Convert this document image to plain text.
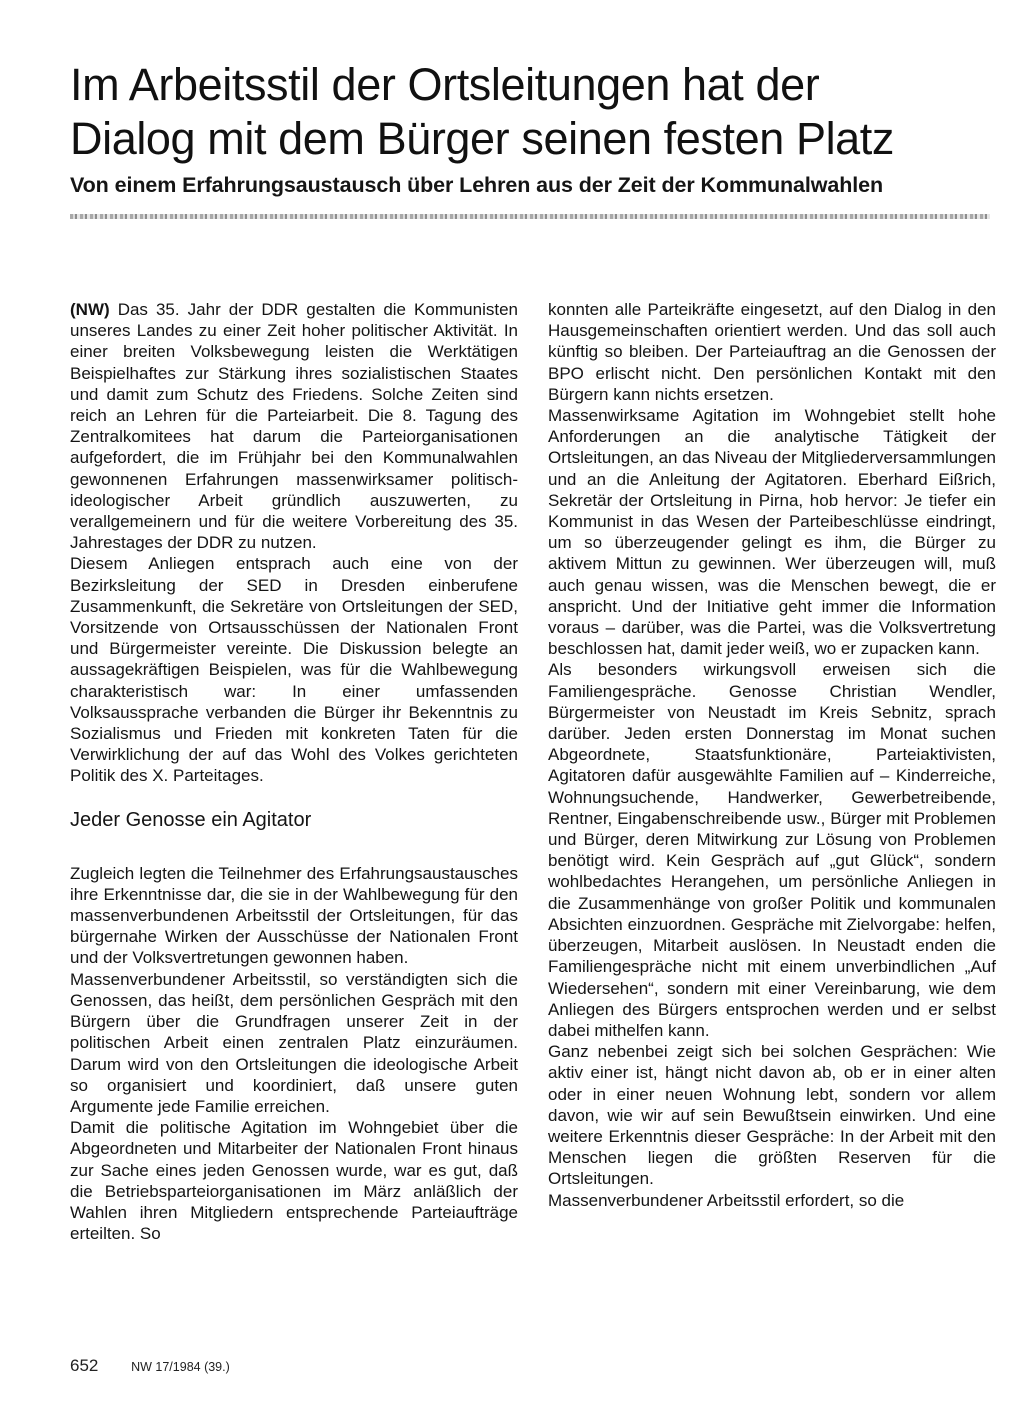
Im Arbeitsstil der Ortsleitungen hat der
Dialog mit dem Bürger seinen festen Platz
Von einem Erfahrungsaustausch über Lehren aus der Zeit der Kommunalwahlen

(NW) Das 35. Jahr der DDR gestalten die Kommunisten unseres Landes zu einer Zeit hoher politischer Aktivität. In einer breiten Volksbewegung leisten die Werktätigen Beispielhaftes zur Stärkung ihres sozialistischen Staates und damit zum Schutz des Friedens. Solche Zeiten sind reich an Lehren für die Parteiarbeit. Die 8. Tagung des Zentralkomitees hat darum die Parteiorganisationen aufgefordert, die im Frühjahr bei den Kommunalwahlen gewonnenen Erfahrungen massenwirksamer politisch-ideologischer Arbeit gründlich auszuwerten, zu verallgemeinern und für die weitere Vorbereitung des 35. Jahrestages der DDR zu nutzen.

Diesem Anliegen entsprach auch eine von der Bezirksleitung der SED in Dresden einberufene Zusammenkunft, die Sekretäre von Ortsleitungen der SED, Vorsitzende von Ortsausschüssen der Nationalen Front und Bürgermeister vereinte. Die Diskussion belegte an aussagekräftigen Beispielen, was für die Wahlbewegung charakteristisch war: In einer umfassenden Volksaussprache verbanden die Bürger ihr Bekenntnis zu Sozialismus und Frieden mit konkreten Taten für die Verwirklichung der auf das Wohl des Volkes gerichteten Politik des X. Parteitages.

Jeder Genosse ein Agitator

Zugleich legten die Teilnehmer des Erfahrungsaustausches ihre Erkenntnisse dar, die sie in der Wahlbewegung für den massenverbundenen Arbeitsstil der Ortsleitungen, für das bürgernahe Wirken der Ausschüsse der Nationalen Front und der Volksvertretungen gewonnen haben.

Massenverbundener Arbeitsstil, so verständigten sich die Genossen, das heißt, dem persönlichen Gespräch mit den Bürgern über die Grundfragen unserer Zeit in der politischen Arbeit einen zentralen Platz einzuräumen. Darum wird von den Ortsleitungen die ideologische Arbeit so organisiert und koordiniert, daß unsere guten Argumente jede Familie erreichen.

Damit die politische Agitation im Wohngebiet über die Abgeordneten und Mitarbeiter der Nationalen Front hinaus zur Sache eines jeden Genossen wurde, war es gut, daß die Betriebsparteiorganisationen im März anläßlich der Wahlen ihren Mitgliedern entsprechende Parteiaufträge erteilten. So

konnten alle Parteikräfte eingesetzt, auf den Dialog in den Hausgemeinschaften orientiert werden. Und das soll auch künftig so bleiben. Der Parteiauftrag an die Genossen der BPO erlischt nicht. Den persönlichen Kontakt mit den Bürgern kann nichts ersetzen.

Massenwirksame Agitation im Wohngebiet stellt hohe Anforderungen an die analytische Tätigkeit der Ortsleitungen, an das Niveau der Mitgliederversammlungen und an die Anleitung der Agitatoren. Eberhard Eißrich, Sekretär der Ortsleitung in Pirna, hob hervor: Je tiefer ein Kommunist in das Wesen der Parteibeschlüsse eindringt, um so überzeugender gelingt es ihm, die Bürger zu aktivem Mittun zu gewinnen. Wer überzeugen will, muß auch genau wissen, was die Menschen bewegt, die er anspricht. Und der Initiative geht immer die Information voraus – darüber, was die Partei, was die Volksvertretung beschlossen hat, damit jeder weiß, wo er zupacken kann.

Als besonders wirkungsvoll erweisen sich die Familiengespräche. Genosse Christian Wendler, Bürgermeister von Neustadt im Kreis Sebnitz, sprach darüber. Jeden ersten Donnerstag im Monat suchen Abgeordnete, Staatsfunktionäre, Parteiaktivisten, Agitatoren dafür ausgewählte Familien auf – Kinderreiche, Wohnungsuchende, Handwerker, Gewerbetreibende, Rentner, Eingabenschreibende usw., Bürger mit Problemen und Bürger, deren Mitwirkung zur Lösung von Problemen benötigt wird. Kein Gespräch auf „gut Glück“, sondern wohlbedachtes Herangehen, um persönliche Anliegen in die Zusammenhänge von großer Politik und kommunalen Absichten einzuordnen. Gespräche mit Zielvorgabe: helfen, überzeugen, Mitarbeit auslösen. In Neustadt enden die Familiengespräche nicht mit einem unverbindlichen „Auf Wiedersehen“, sondern mit einer Vereinbarung, wie dem Anliegen des Bürgers entsprochen werden und er selbst dabei mithelfen kann.

Ganz nebenbei zeigt sich bei solchen Gesprächen: Wie aktiv einer ist, hängt nicht davon ab, ob er in einer alten oder in einer neuen Wohnung lebt, sondern vor allem davon, wie wir auf sein Bewußtsein einwirken. Und eine weitere Erkenntnis dieser Gespräche: In der Arbeit mit den Menschen liegen die größten Reserven für die Ortsleitungen.

Massenverbundener Arbeitsstil erfordert, so die

652	NW 17/1984 (39.)
